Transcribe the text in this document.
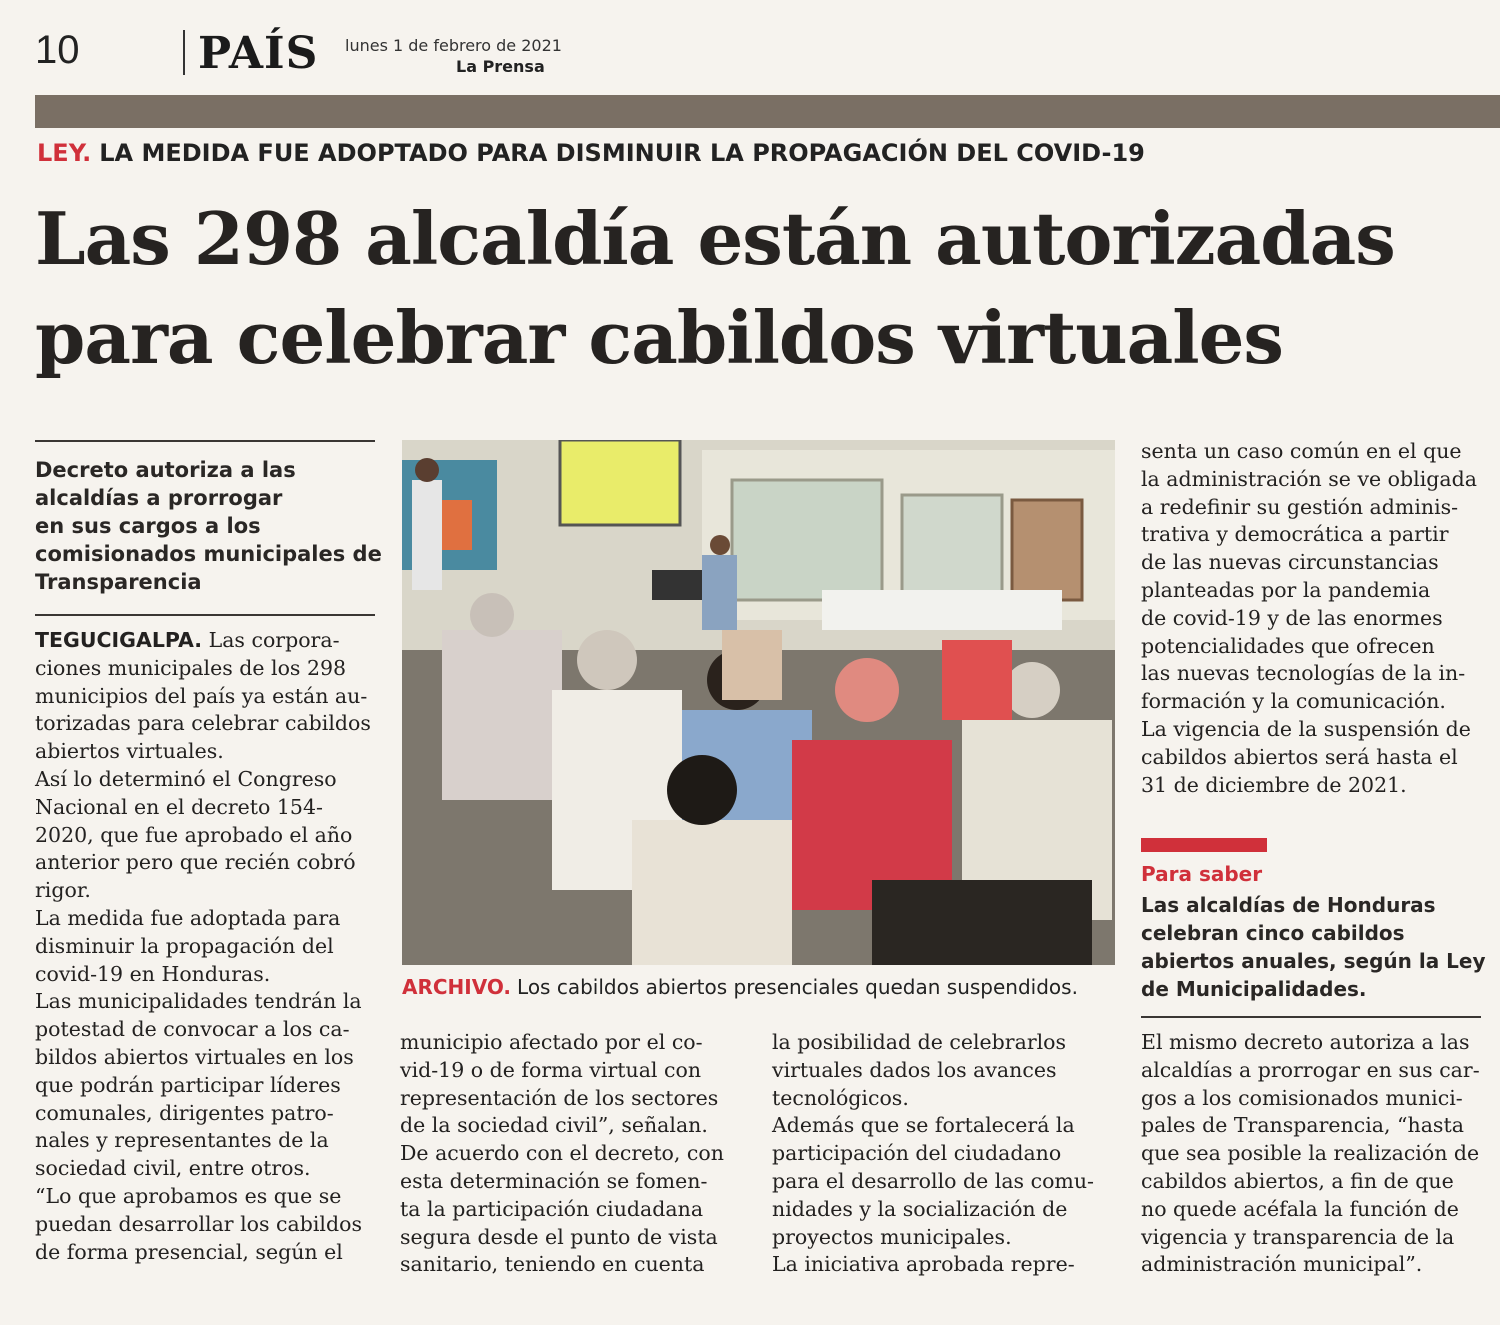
10	PAÍS lunes 1 de febrero de 2021
La Prensa
LEY. LA MEDIDA FUE ADOPTADO PARA DISMINUIR LA PROPAGACIÓN DEL COVID-19
Las 298 alcaldía están autorizadas
para celebrar cabildos virtuales
Decreto autoriza a las
alcaldías a prorrogar
en sus cargos a los
comisionados municipales de
Transparencia
TEGUCIGALPA. Las corpora-
ciones municipales de los 298
municipios del país ya están au-
torizadas para celebrar cabildos
abiertos virtuales.
Así lo determinó el Congreso
Nacional en el decreto 154-
2020, que fue aprobado el año
anterior pero que recién cobró
rigor.
La medida fue adoptada para
disminuir la propagación del
covid-19 en Honduras.
Las municipalidades tendrán la
potestad de convocar a los ca-
bildos abiertos virtuales en los
que podrán participar líderes
comunales, dirigentes patro-
nales y representantes de la
sociedad civil, entre otros.
“Lo que aprobamos es que se
puedan desarrollar los cabildos
de forma presencial, según el
ARCHIVO. Los cabildos abiertos presenciales quedan suspendidos.
municipio afectado por el co-
vid-19 o de forma virtual con
representación de los sectores
de la sociedad civil”, señalan.
De acuerdo con el decreto, con
esta determinación se fomen-
ta la participación ciudadana
segura desde el punto de vista
sanitario, teniendo en cuenta
la posibilidad de celebrarlos
virtuales dados los avances
tecnológicos.
Además que se fortalecerá la
participación del ciudadano
para el desarrollo de las comu-
nidades y la socialización de
proyectos municipales.
La iniciativa aprobada repre-
senta un caso común en el que
la administración se ve obligada
a redefinir su gestión adminis-
trativa y democrática a partir
de las nuevas circunstancias
planteadas por la pandemia
de covid-19 y de las enormes
potencialidades que ofrecen
las nuevas tecnologías de la in-
formación y la comunicación.
La vigencia de la suspensión de
cabildos abiertos será hasta el
31 de diciembre de 2021.
Para saber
Las alcaldías de Honduras
celebran cinco cabildos
abiertos anuales, según la Ley
de Municipalidades.
El mismo decreto autoriza a las
alcaldías a prorrogar en sus car-
gos a los comisionados munici-
pales de Transparencia, “hasta
que sea posible la realización de
cabildos abiertos, a fin de que
no quede acéfala la función de
vigencia y transparencia de la
administración municipal”.
